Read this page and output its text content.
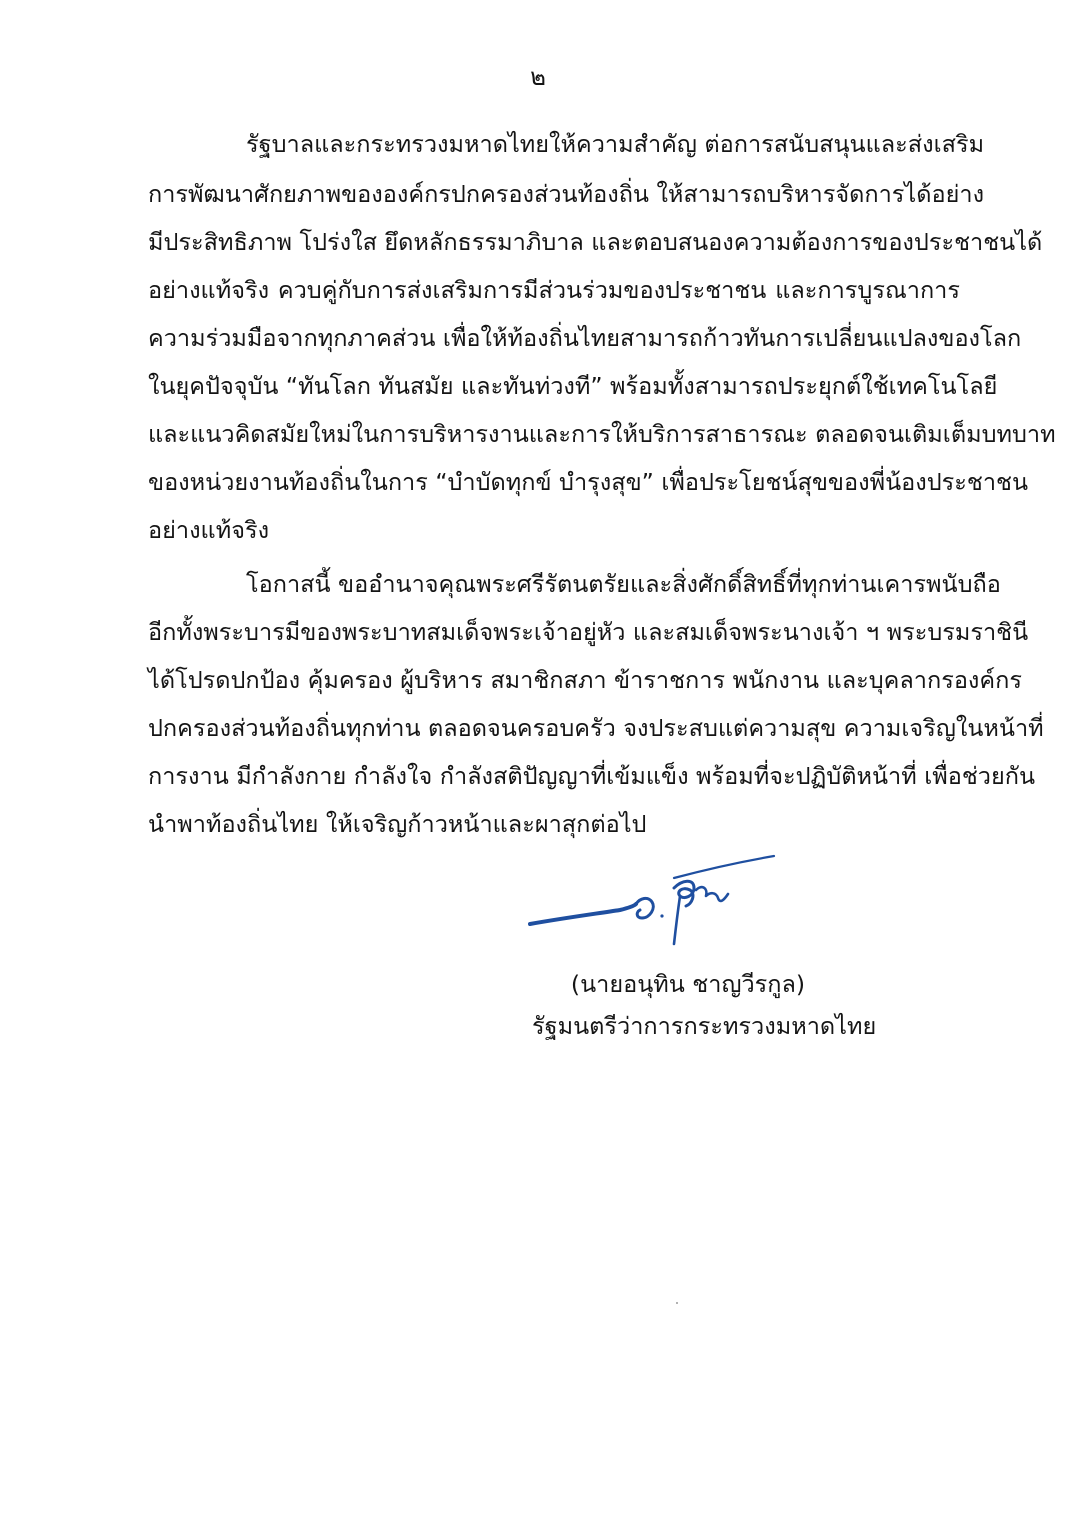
๒

รัฐบาลและกระทรวงมหาดไทยให้ความสำคัญ ต่อการสนับสนุนและส่งเสริม

การพัฒนาศักยภาพขององค์กรปกครองส่วนท้องถิ่น ให้สามารถบริหารจัดการได้อย่าง

มีประสิทธิภาพ โปร่งใส ยึดหลักธรรมาภิบาล และตอบสนองความต้องการของประชาชนได้

อย่างแท้จริง ควบคู่กับการส่งเสริมการมีส่วนร่วมของประชาชน และการบูรณาการ

ความร่วมมือจากทุกภาคส่วน เพื่อให้ท้องถิ่นไทยสามารถก้าวทันการเปลี่ยนแปลงของโลก

ในยุคปัจจุบัน “ทันโลก ทันสมัย และทันท่วงที” พร้อมทั้งสามารถประยุกต์ใช้เทคโนโลยี

และแนวคิดสมัยใหม่ในการบริหารงานและการให้บริการสาธารณะ ตลอดจนเติมเต็มบทบาท

ของหน่วยงานท้องถิ่นในการ “บำบัดทุกข์ บำรุงสุข” เพื่อประโยชน์สุขของพี่น้องประชาชน

อย่างแท้จริง

โอกาสนี้ ขออำนาจคุณพระศรีรัตนตรัยและสิ่งศักดิ์สิทธิ์ที่ทุกท่านเคารพนับถือ

อีกทั้งพระบารมีของพระบาทสมเด็จพระเจ้าอยู่หัว และสมเด็จพระนางเจ้า ฯ พระบรมราชินี

ได้โปรดปกป้อง คุ้มครอง ผู้บริหาร สมาชิกสภา ข้าราชการ พนักงาน และบุคลากรองค์กร

ปกครองส่วนท้องถิ่นทุกท่าน ตลอดจนครอบครัว จงประสบแต่ความสุข ความเจริญในหน้าที่

การงาน มีกำลังกาย กำลังใจ กำลังสติปัญญาที่เข้มแข็ง พร้อมที่จะปฏิบัติหน้าที่ เพื่อช่วยกัน

นำพาท้องถิ่นไทย ให้เจริญก้าวหน้าและผาสุกต่อไป

(นายอนุทิน ชาญวีรกูล)

รัฐมนตรีว่าการกระทรวงมหาดไทย
